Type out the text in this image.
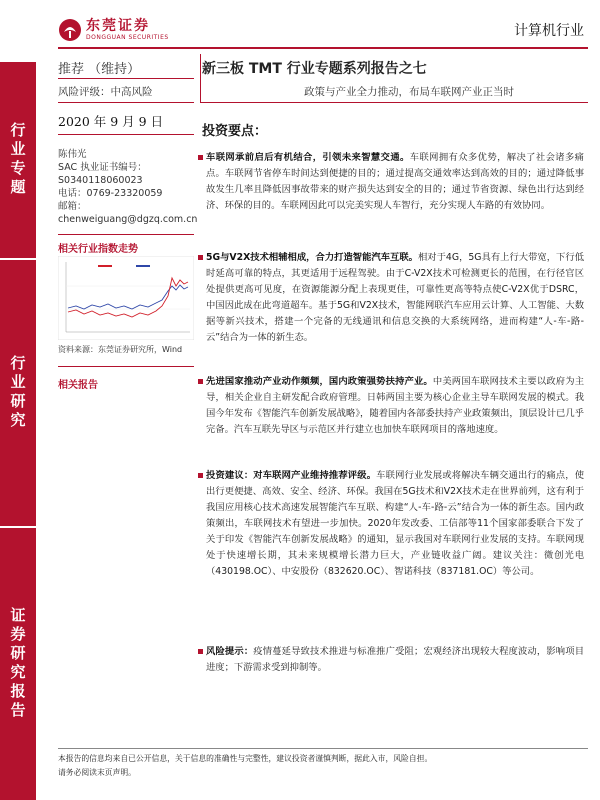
东莞证券
DONGGUAN SECURITIES	计算机行业
行业专题
行业研究
证券研究报告
推荐 （维持）
风险评级：中高风险
2020 年 9 月 9 日
陈伟光
SAC 执业证书编号：
S0340118060023
电话：0769-23320059
邮箱：
chenweiguang@dgzq.com.cn
相关行业指数走势
资料来源：东莞证券研究所，Wind
相关报告
新三板 TMT 行业专题系列报告之七
政策与产业全力推动，布局车联网产业正当时
投资要点：
车联网承前启后有机结合，引领未来智慧交通。车联网拥有众多优势，解决了社会诸多痛点。车联网节省停车时间达到便捷的目的；通过提高交通效率达到高效的目的；通过降低事故发生几率且降低因事故带来的财产损失达到安全的目的；通过节省资源、绿色出行达到经济、环保的目的。车联网因此可以完美实现人车智行，充分实现人车路的有效协同。
5G与V2X技术相辅相成，合力打造智能汽车互联。相对于4G，5G具有上行大带宽，下行低时延高可靠的特点，其更适用于远程驾驶。由于C-V2X技术可检测更长的范围，在行径官区处提供更高可见度，在资源能源分配上表现更佳，可靠性更高等特点使C-V2X优于DSRC，中国因此成在此弯道超车。基于5G和V2X技术，智能网联汽车应用云计算、人工智能、大数据等新兴技术，搭建一个完备的无线通讯和信息交换的大系统网络，进而构建“人-车-路-云”结合为一体的新生态。
先进国家推动产业动作频频，国内政策强势扶持产业。中美两国车联网技术主要以政府为主导，相关企业自主研发配合政府管理。日韩两国主要为核心企业主导车联网发展的模式。我国今年发布《智能汽车创新发展战略》，随着国内各部委扶持产业政策频出，顶层设计已几乎完备。汽车互联先导区与示范区并行建立也加快车联网项目的落地速度。
投资建议：对车联网产业维持推荐评级。车联网行业发展或将解决车辆交通出行的痛点，使出行更便捷、高效、安全、经济、环保。我国在5G技术和V2X技术走在世界前列，这有利于我国应用核心技术高速发展智能汽车互联、构建“人-车-路-云”结合为一体的新生态。国内政策频出，车联网技术有望进一步加快。2020年发改委、工信部等11个国家部委联合下发了关于印发《智能汽车创新发展战略》的通知，显示我国对车联网行业发展的支持。车联网现处于快速增长期，其未来规模增长潜力巨大，产业链收益广阔。建议关注：微创光电（430198.OC）、中安股份（832620.OC）、智诺科技（837181.OC）等公司。
风险提示：疫情蔓延导致技术推进与标准推广受阻；宏观经济出现较大程度波动，影响项目进度；下游需求受到抑制等。
本报告的信息均来自已公开信息，关于信息的准确性与完整性，建议投资者谨慎判断，据此入市，风险自担。
请务必阅读末页声明。
